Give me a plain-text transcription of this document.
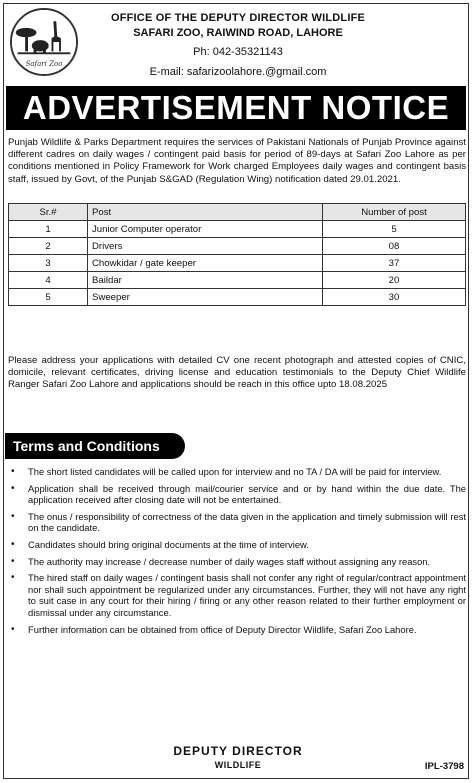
Safari Zoo
OFFICE OF THE DEPUTY DIRECTOR WILDLIFE
SAFARI ZOO, RAIWIND ROAD, LAHORE
Ph: 042-35321143
E-mail: safarizoolahore.@gmail.com
ADVERTISEMENT NOTICE
Punjab Wildlife & Parks Department requires the services of Pakistani Nationals of Punjab Province against different cadres on daily wages / contingent paid basis for period of 89-days at Safari Zoo Lahore as per conditions mentioned in Policy Framework for Work charged Employees daily wages and contingent basis staff, issued by Govt, of the Punjab S&GAD (Regulation Wing) notification dated 29.01.2021.
Sr.#	Post	Number of post
1	Junior Computer operator	5
2	Drivers	08
3	Chowkidar / gate keeper	37
4	Baildar	20
5	Sweeper	30
Please address your applications with detailed CV one recent photograph and attested copies of CNIC, domicile, relevant certificates, driving license and education testimonials to the Deputy Chief Wildlife Ranger Safari Zoo Lahore and applications should be reach in this office upto 18.08.2025
Terms and Conditions
• The short listed candidates will be called upon for interview and no TA / DA will be paid for interview.
• Application shall be received through mail/courier service and or by hand within the due date. The application received after closing date will not be entertained.
• The onus / responsibility of correctness of the data given in the application and timely submission will rest on the candidate.
• Candidates should bring original documents at the time of interview.
• The authority may increase / decrease number of daily wages staff without assigning any reason.
• The hired staff on daily wages / contingent basis shall not confer any right of regular/contract appointment nor shall such appointment be regularized under any circumstances. Further, they will not have any right to suit case in any court for their hiring / firing or any other reason related to their further employment or dismissal under any circumstance.
• Further information can be obtained from office of Deputy Director Wildlife, Safari Zoo Lahore.
DEPUTY DIRECTOR
WILDLIFE	IPL-3798
